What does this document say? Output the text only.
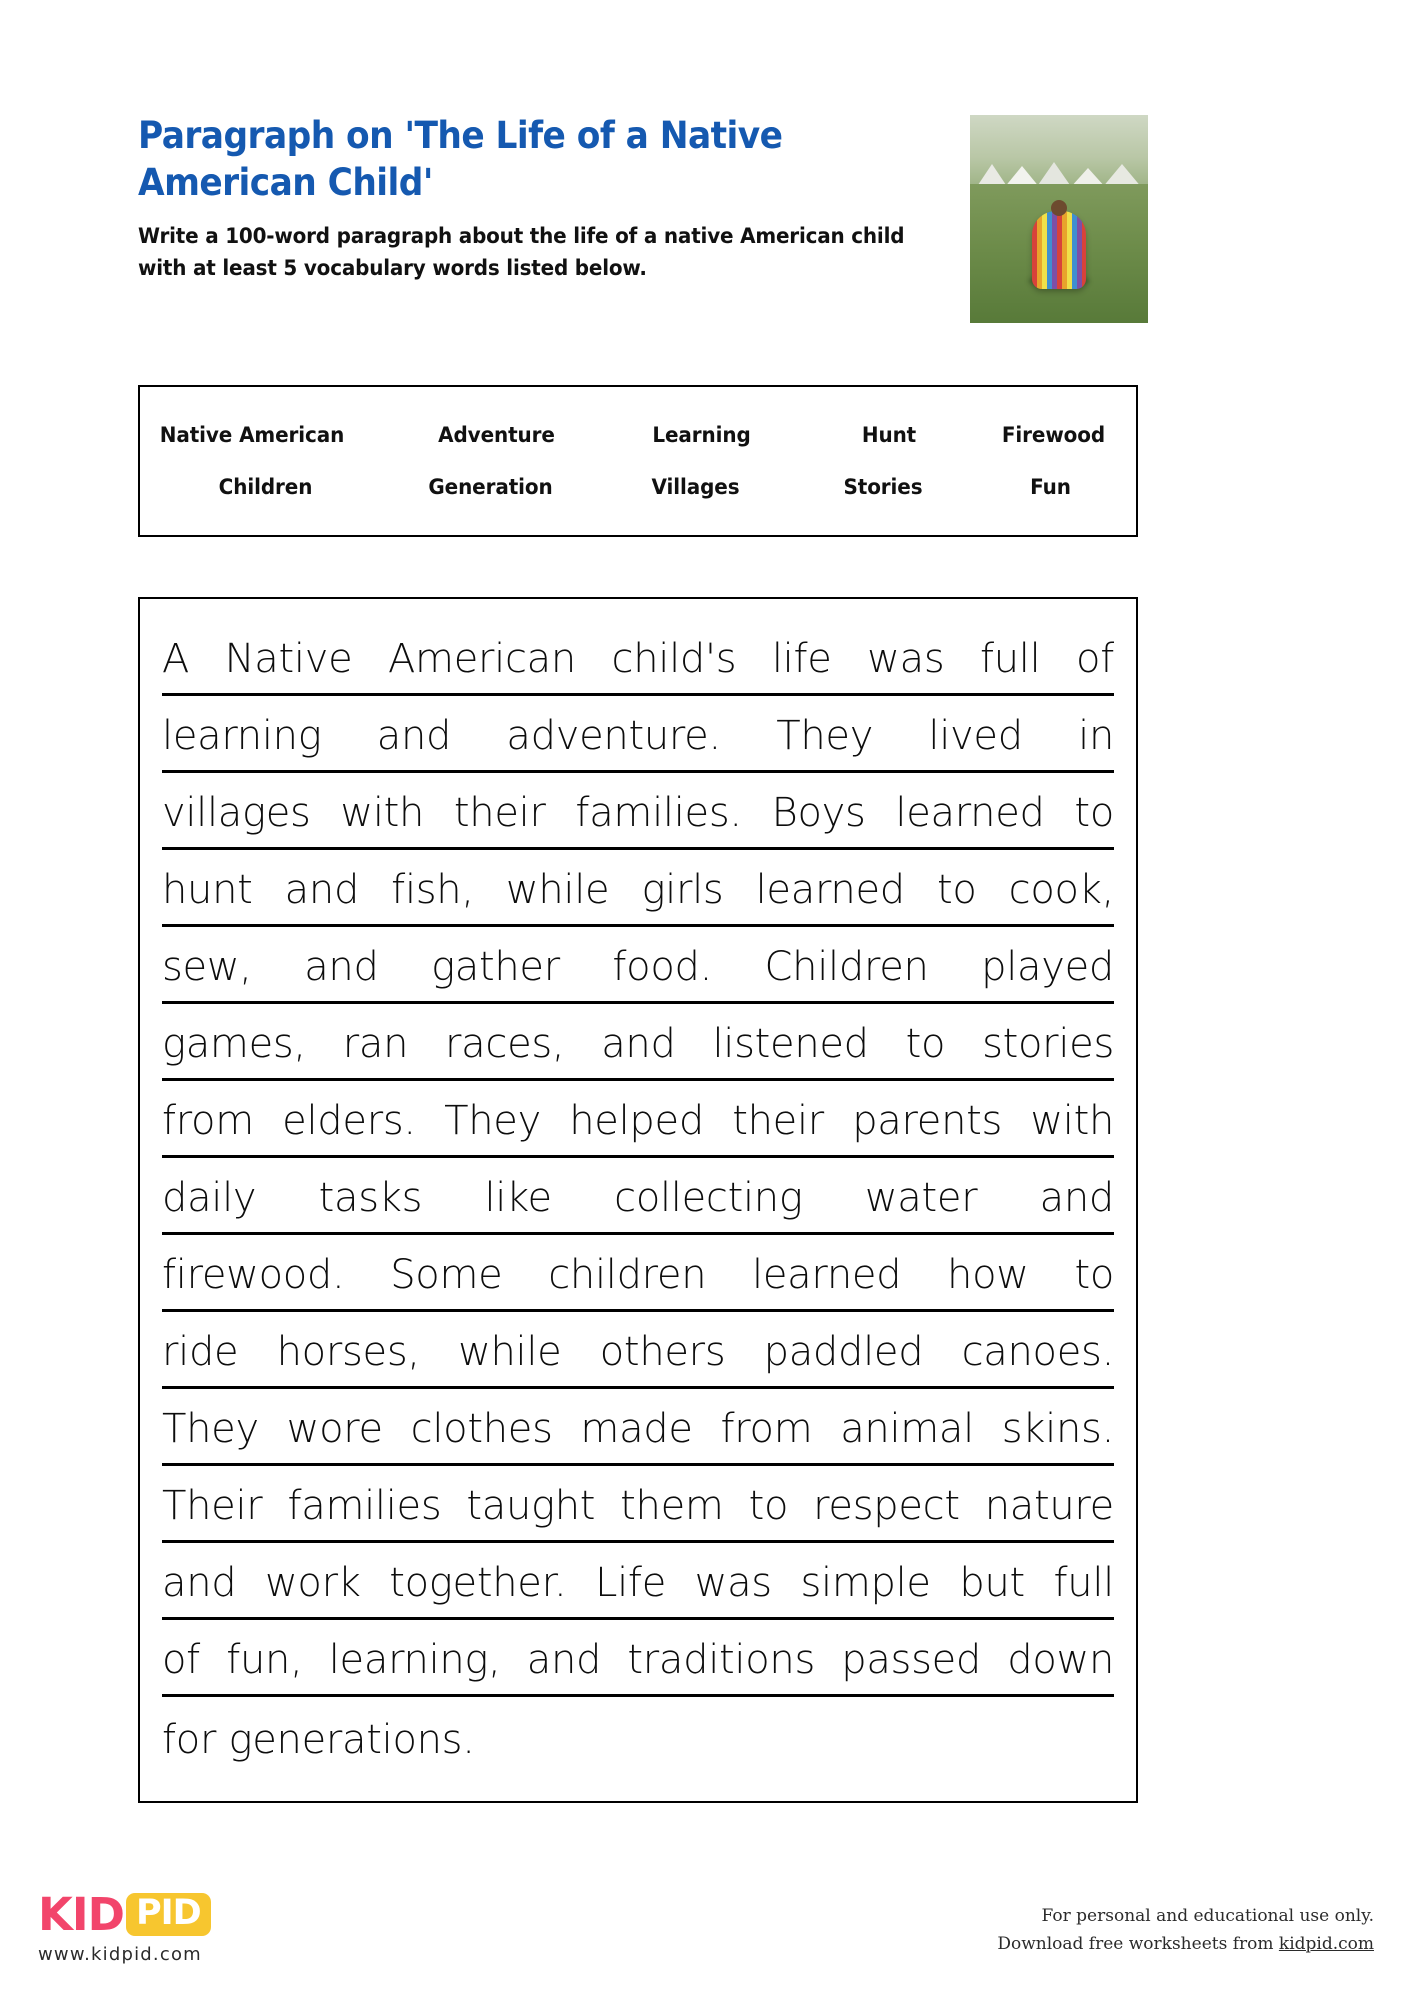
Paragraph on 'The Life of a Native American Child'

Write a 100-word paragraph about the life of a native American child with at least 5 vocabulary words listed below.

Native American	Adventure	Learning	Hunt	Firewood
Children	Generation	Villages	Stories	Fun
A Native American child's life was full of
learning and adventure. They lived in
villages with their families. Boys learned to
hunt and fish, while girls learned to cook,
sew, and gather food. Children played
games, ran races, and listened to stories
from elders. They helped their parents with
daily tasks like collecting water and
firewood. Some children learned how to
ride horses, while others paddled canoes.
They wore clothes made from animal skins.
Their families taught them to respect nature
and work together. Life was simple but full
of fun, learning, and traditions passed down
for generations.
KID PID
www.kidpid.com
For personal and educational use only.
Download free worksheets from kidpid.com
